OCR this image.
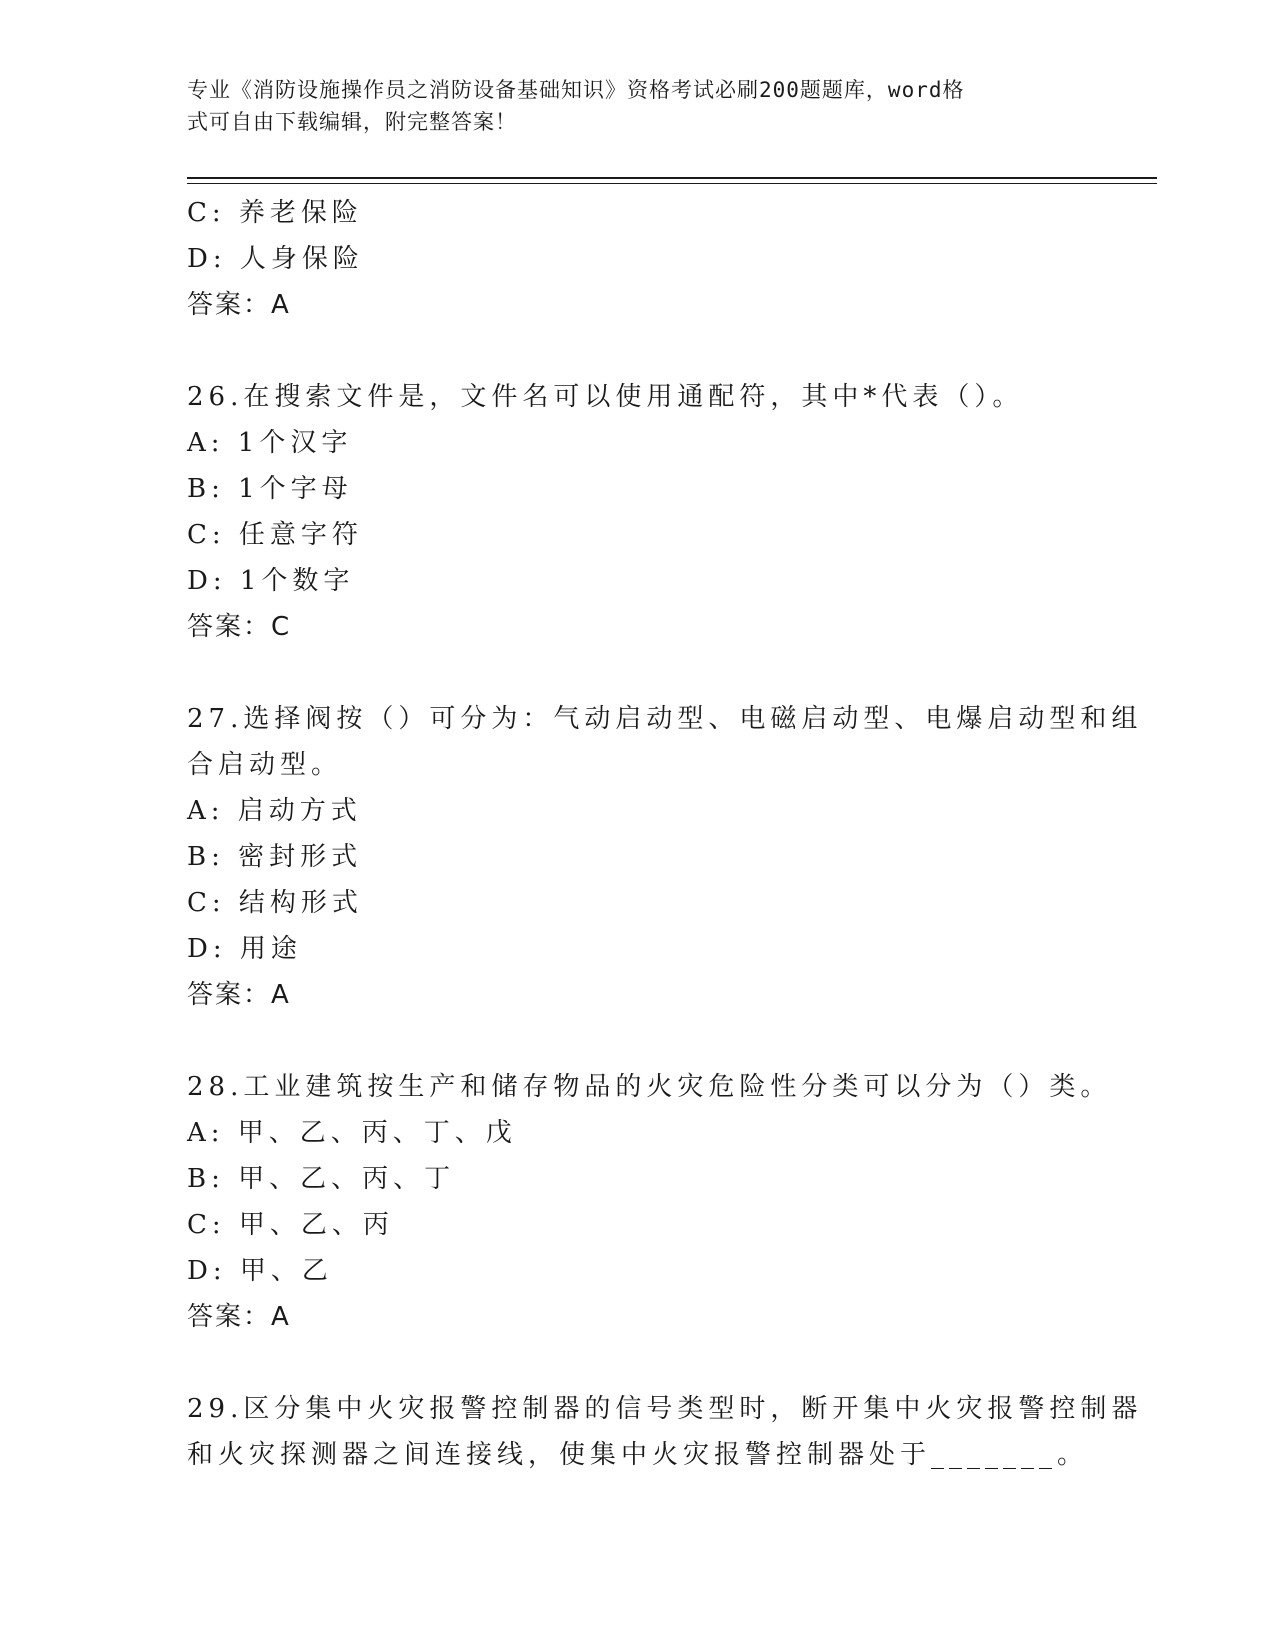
专业《消防设施操作员之消防设备基础知识》资格考试必刷200题题库，word格
式可自由下载编辑，附完整答案！
C: 养老保险
D: 人身保险
答案：A
26.在搜索文件是，文件名可以使用通配符，其中*代表（）。
A: 1个汉字
B: 1个字母
C: 任意字符
D: 1个数字
答案：C
27.选择阀按（）可分为：气动启动型、电磁启动型、电爆启动型和组
合启动型。
A: 启动方式
B: 密封形式
C: 结构形式
D: 用途
答案：A
28.工业建筑按生产和储存物品的火灾危险性分类可以分为（）类。
A: 甲、乙、丙、丁、戊
B: 甲、乙、丙、丁
C: 甲、乙、丙
D: 甲、乙
答案：A
29.区分集中火灾报警控制器的信号类型时，断开集中火灾报警控制器
和火灾探测器之间连接线，使集中火灾报警控制器处于_______。
